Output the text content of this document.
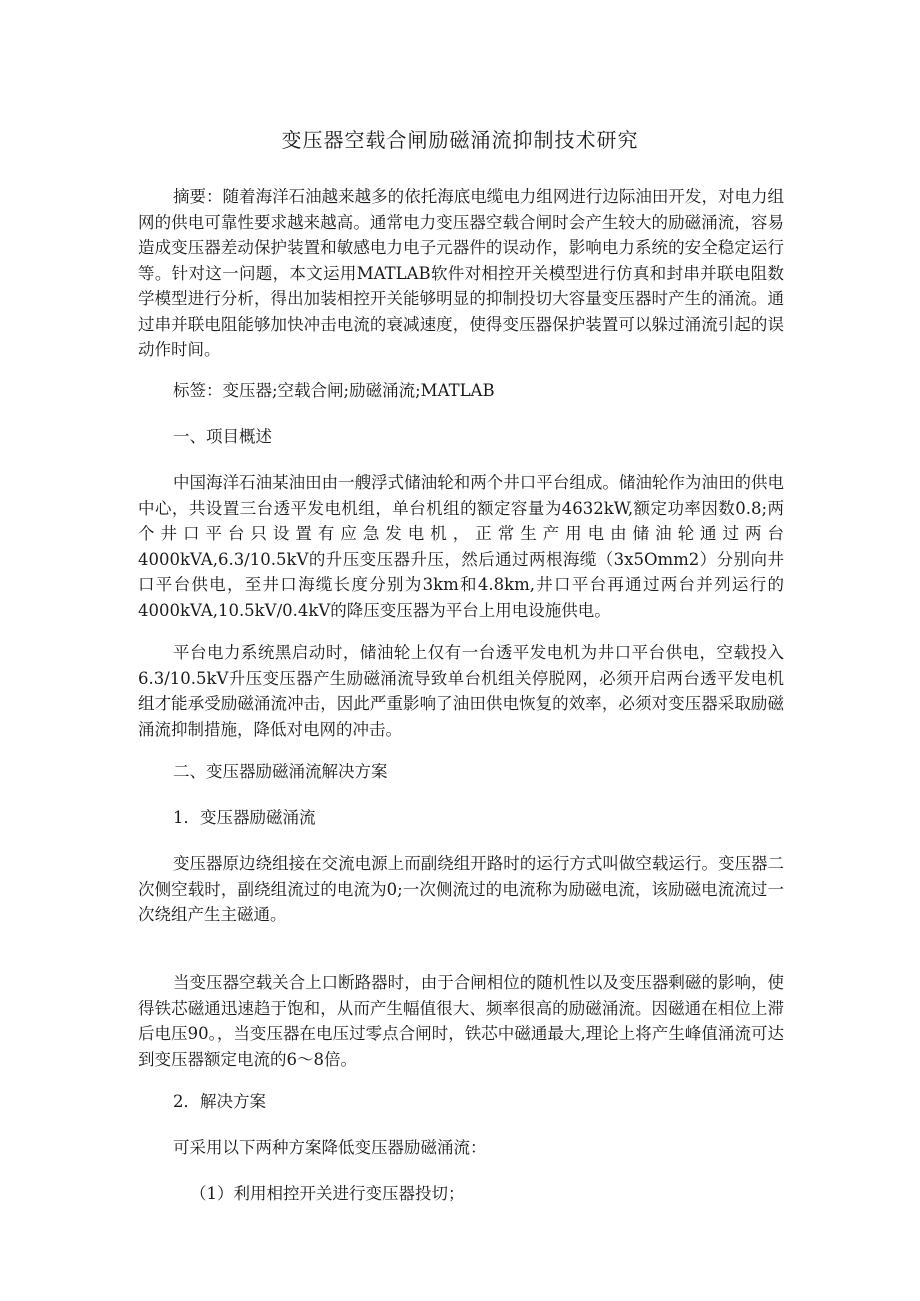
变压器空载合闸励磁涌流抑制技术研究

摘要：随着海洋石油越来越多的依托海底电缆电力组网进行边际油田开发，对电力组网的供电可靠性要求越来越高。通常电力变压器空载合闸时会产生较大的励磁涌流，容易造成变压器差动保护装置和敏感电力电子元器件的误动作，影响电力系统的安全稳定运行等。针对这一问题，本文运用MATLAB软件对相控开关模型进行仿真和封串并联电阻数学模型进行分析，得出加装相控开关能够明显的抑制投切大容量变压器时产生的涌流。通过串并联电阻能够加快冲击电流的衰减速度，使得变压器保护装置可以躲过涌流引起的误动作时间。

标签：变压器;空载合闸;励磁涌流;MATLAB

一、项目概述

中国海洋石油某油田由一艘浮式储油轮和两个井口平台组成。储油轮作为油田的供电中心，共设置三台透平发电机组，单台机组的额定容量为4632kW,额定功率因数0.8;两个井口平台只设置有应急发电机，正常生产用电由储油轮通过两台4000kVA,6.3∕10.5kV的升压变压器升压，然后通过两根海缆（3x5Omm2）分别向井口平台供电，至井口海缆长度分别为3km和4.8km,井口平台再通过两台并列运行的4000kVA,10.5kV∕0.4kV的降压变压器为平台上用电设施供电。

平台电力系统黑启动时，储油轮上仅有一台透平发电机为井口平台供电，空载投入6.3/10.5kV升压变压器产生励磁涌流导致单台机组关停脱网，必须开启两台透平发电机组才能承受励磁涌流冲击，因此严重影响了油田供电恢复的效率，必须对变压器采取励磁涌流抑制措施，降低对电网的冲击。

二、变压器励磁涌流解决方案

1．变压器励磁涌流

变压器原边绕组接在交流电源上而副绕组开路时的运行方式叫做空载运行。变压器二次侧空载时，副绕组流过的电流为0;一次侧流过的电流称为励磁电流，该励磁电流流过一次绕组产生主磁通。

当变压器空载关合上口断路器时，由于合闸相位的随机性以及变压器剩磁的影响，使得铁芯磁通迅速趋于饱和，从而产生幅值很大、频率很高的励磁涌流。因磁通在相位上滞后电压90。，当变压器在电压过零点合闸时，铁芯中磁通最大,理论上将产生峰值涌流可达到变压器额定电流的6～8倍。

2．解决方案

可采用以下两种方案降低变压器励磁涌流：

（1）利用相控开关进行变压器投切；
